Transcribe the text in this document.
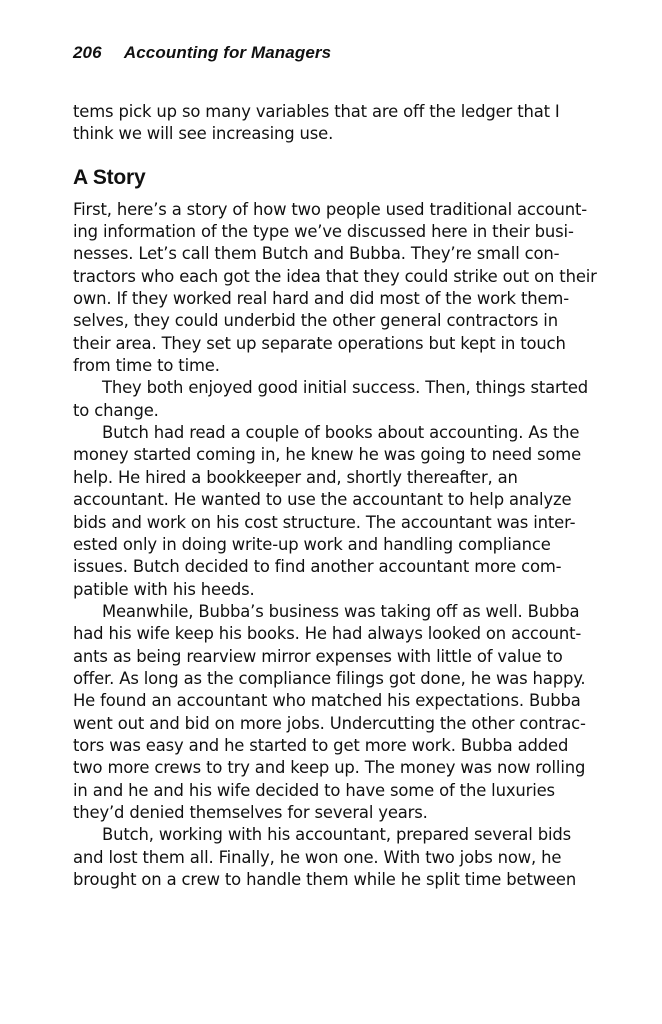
206 Accounting for Managers
tems pick up so many variables that are off the ledger that I
think we will see increasing use.
A Story
First, here’s a story of how two people used traditional account-
ing information of the type we’ve discussed here in their busi-
nesses. Let’s call them Butch and Bubba. They’re small con-
tractors who each got the idea that they could strike out on their
own. If they worked real hard and did most of the work them-
selves, they could underbid the other general contractors in
their area. They set up separate operations but kept in touch
from time to time.
They both enjoyed good initial success. Then, things started
to change.
Butch had read a couple of books about accounting. As the
money started coming in, he knew he was going to need some
help. He hired a bookkeeper and, shortly thereafter, an
accountant. He wanted to use the accountant to help analyze
bids and work on his cost structure. The accountant was inter-
ested only in doing write-up work and handling compliance
issues. Butch decided to find another accountant more com-
patible with his heeds.
Meanwhile, Bubba’s business was taking off as well. Bubba
had his wife keep his books. He had always looked on account-
ants as being rearview mirror expenses with little of value to
offer. As long as the compliance filings got done, he was happy.
He found an accountant who matched his expectations. Bubba
went out and bid on more jobs. Undercutting the other contrac-
tors was easy and he started to get more work. Bubba added
two more crews to try and keep up. The money was now rolling
in and he and his wife decided to have some of the luxuries
they’d denied themselves for several years.
Butch, working with his accountant, prepared several bids
and lost them all. Finally, he won one. With two jobs now, he
brought on a crew to handle them while he split time between
